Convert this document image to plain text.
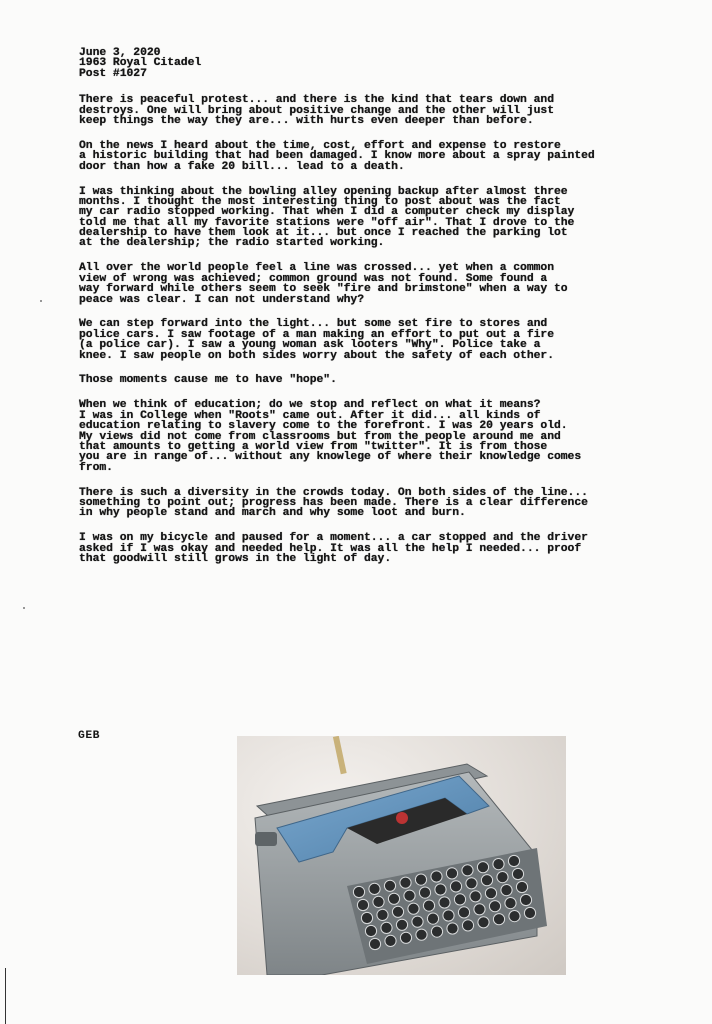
June 3, 2020
1963 Royal Citadel
Post #1027
There is peaceful protest... and there is the kind that tears down and
destroys. One will bring about positive change and the other will just
keep things the way they are... with hurts even deeper than before.
On the news I heard about the time, cost, effort and expense to restore
a historic building that had been damaged. I know more about a spray painted
door than how a fake 20 bill... lead to a death.
I was thinking about the bowling alley opening backup after almost three
months. I thought the most interesting thing to post about was the fact
my car radio stopped working. That when I did a computer check my display
told me that all my favorite stations were "off air". That I drove to the
dealership to have them look at it... but once I reached the parking lot
at the dealership; the radio started working.
All over the world people feel a line was crossed... yet when a common
view of wrong was achieved; common ground was not found. Some found a
way forward while others seem to seek "fire and brimstone" when a way to
peace was clear. I can not understand why?
We can step forward into the light... but some set fire to stores and
police cars. I saw footage of a man making an effort to put out a fire
(a police car). I saw a young woman ask looters "Why". Police take a
knee. I saw people on both sides worry about the safety of each other.
Those moments cause me to have "hope".
When we think of education; do we stop and reflect on what it means?
I was in College when "Roots" came out. After it did... all kinds of
education relating to slavery come to the forefront. I was 20 years old.
My views did not come from classrooms but from the people around me and
that amounts to getting a world view from "twitter". It is from those
you are in range of... without any knowlege of where their knowledge comes
from.
There is such a diversity in the crowds today. On both sides of the line...
something to point out; progress has been made. There is a clear difference
in why people stand and march and why some loot and burn.
I was on my bicycle and paused for a moment... a car stopped and the driver
asked if I was okay and needed help. It was all the help I needed... proof
that goodwill still grows in the light of day.
GEB
